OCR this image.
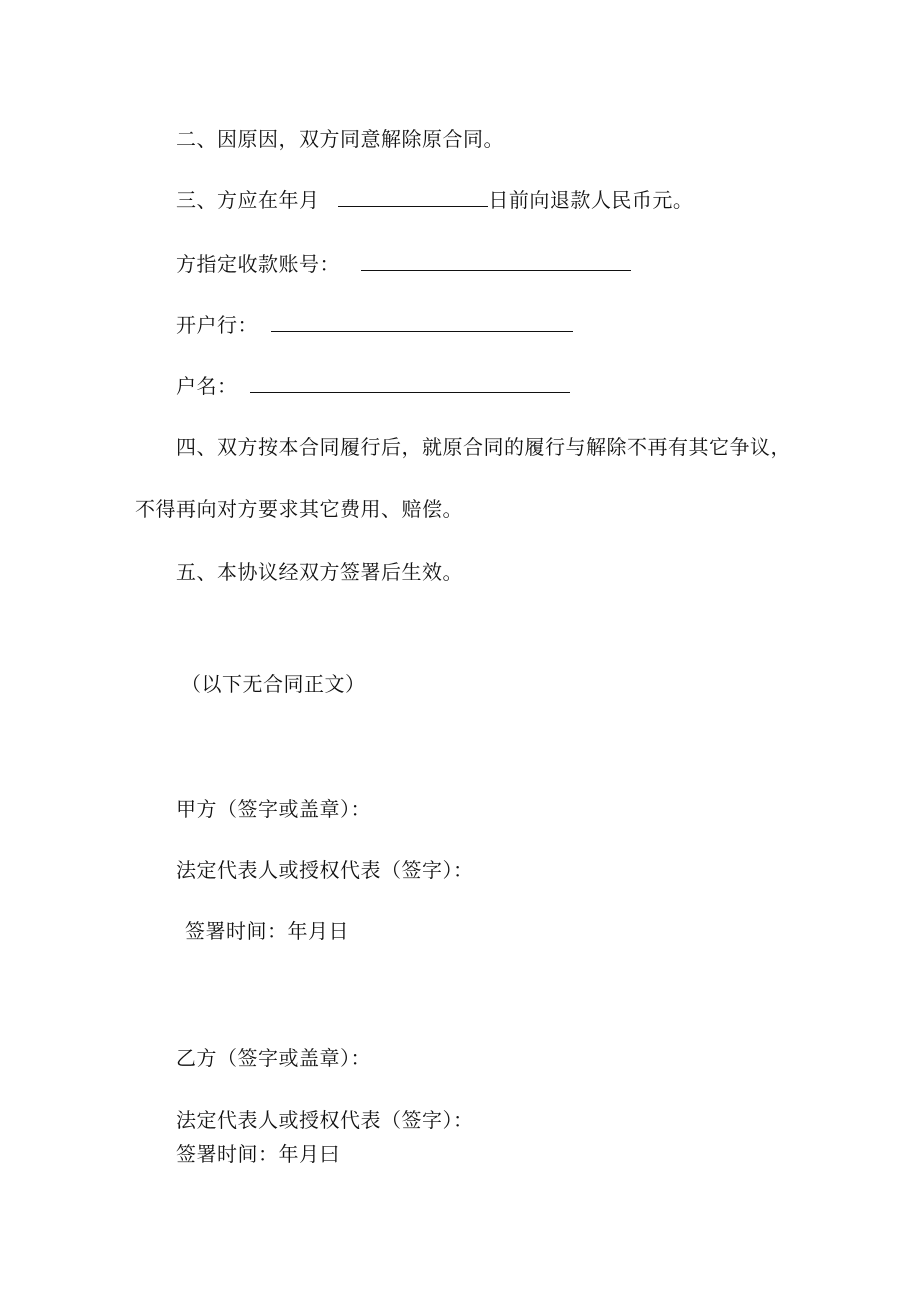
二、因原因，双方同意解除原合同。
三、方应在年月	日前向退款人民币元。
方指定收款账号：
开户行：
户名：
四、双方按本合同履行后，就原合同的履行与解除不再有其它争议，
不得再向对方要求其它费用、赔偿。
五、本协议经双方签署后生效。
（以下无合同正文）
甲方（签字或盖章）：
法定代表人或授权代表（签字）：
签署时间：年月日
乙方（签字或盖章）：
法定代表人或授权代表（签字）：
签署时间：年月曰
